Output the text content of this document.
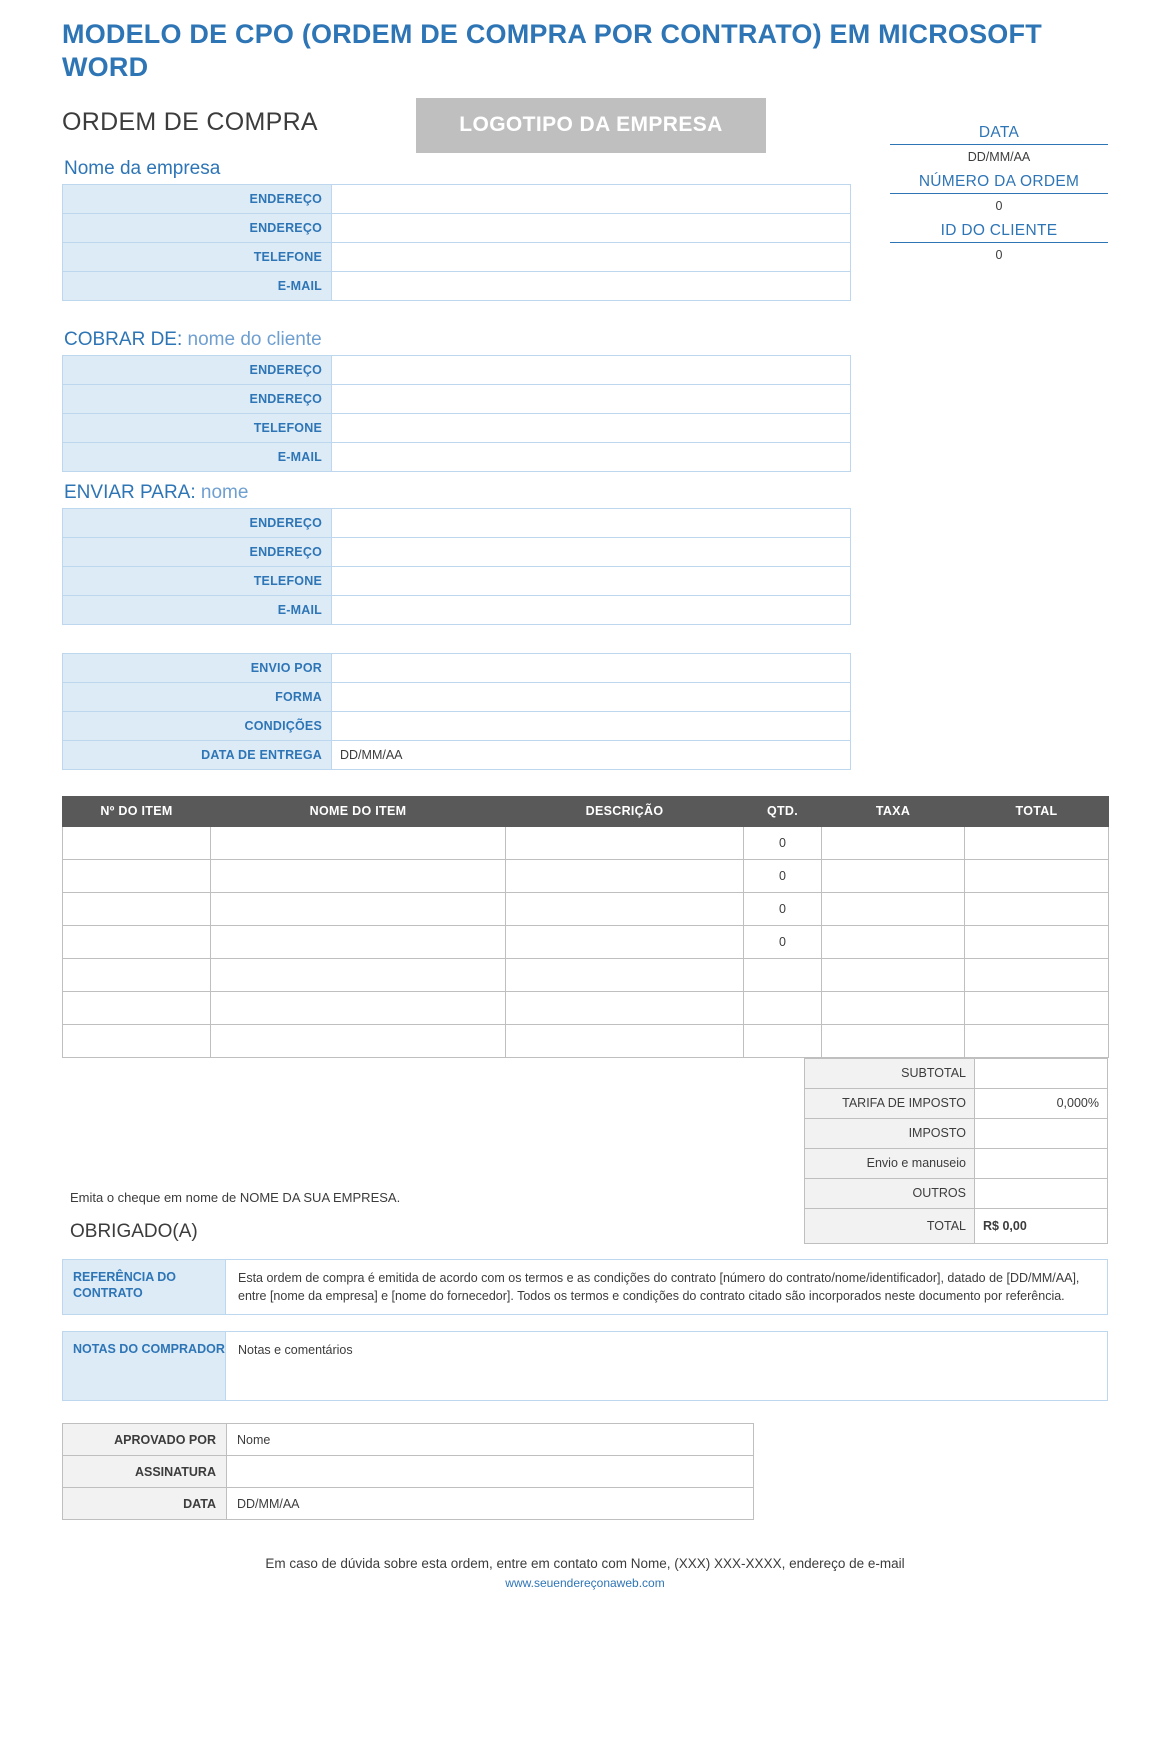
MODELO DE CPO (ORDEM DE COMPRA POR CONTRATO) EM MICROSOFT WORD
ORDEM DE COMPRA	LOGOTIPO DA EMPRESA	DATA
DD/MM/AA
NÚMERO DA ORDEM
0
ID DO CLIENTE
0
Nome da empresa
ENDEREÇO	
ENDEREÇO	
TELEFONE	
E-MAIL	
COBRAR DE: nome do cliente
ENDEREÇO	
ENDEREÇO	
TELEFONE	
E-MAIL	
ENVIAR PARA: nome
ENDEREÇO	
ENDEREÇO	
TELEFONE	
E-MAIL	
ENVIO POR	
FORMA	
CONDIÇÕES	
DATA DE ENTREGA	DD/MM/AA
Nº DO ITEM	NOME DO ITEM	DESCRIÇÃO	QTD.	TAXA	TOTAL
			0		
			0		
			0		
			0		

SUBTOTAL	
TARIFA DE IMPOSTO	0,000%
IMPOSTO	
Envio e manuseio	
OUTROS	
TOTAL	R$ 0,00
Emita o cheque em nome de NOME DA SUA EMPRESA.
OBRIGADO(A)
REFERÊNCIA DO CONTRATO	Esta ordem de compra é emitida de acordo com os termos e as condições do contrato [número do contrato/nome/identificador], datado de [DD/MM/AA], entre [nome da empresa] e [nome do fornecedor]. Todos os termos e condições do contrato citado são incorporados neste documento por referência.
NOTAS DO COMPRADOR	Notas e comentários
APROVADO POR	Nome
ASSINATURA	
DATA	DD/MM/AA
Em caso de dúvida sobre esta ordem, entre em contato com Nome, (XXX) XXX-XXXX, endereço de e-mail
www.seuendereçonaweb.com
